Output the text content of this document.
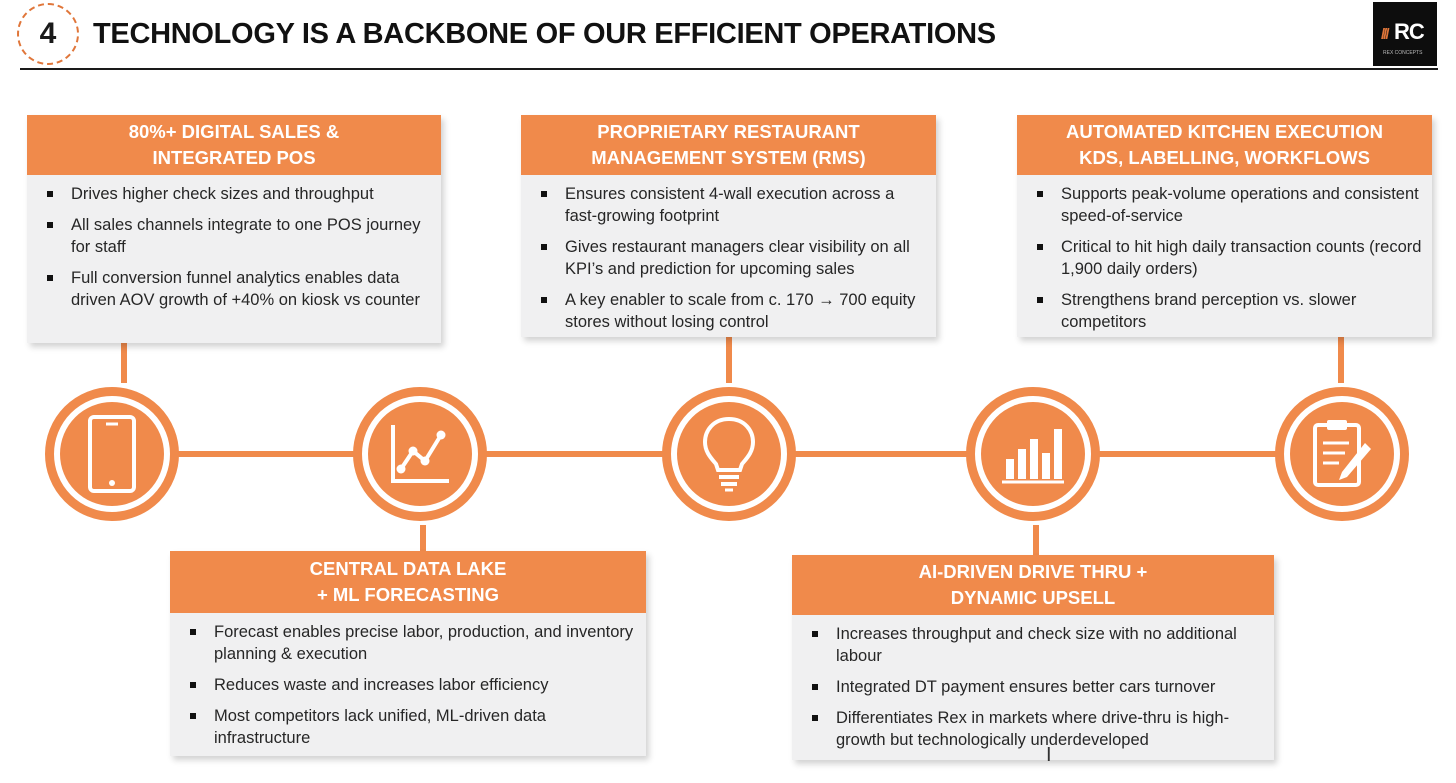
4	TECHNOLOGY IS A BACKBONE OF OUR EFFICIENT OPERATIONS	/// RC
REX CONCEPTS
80%+ DIGITAL SALES &
INTEGRATED POS
Drives higher check sizes and throughput
All sales channels integrate to one POS journey for staff
Full conversion funnel analytics enables data driven AOV growth of +40% on kiosk vs counter
PROPRIETARY RESTAURANT
MANAGEMENT SYSTEM (RMS)
Ensures consistent 4-wall execution across a fast-growing footprint
Gives restaurant managers clear visibility on all KPI’s and prediction for upcoming sales
A key enabler to scale from c. 170 → 700 equity stores without losing control
AUTOMATED KITCHEN EXECUTION
KDS, LABELLING, WORKFLOWS
Supports peak-volume operations and consistent speed-of-service
Critical to hit high daily transaction counts (record 1,900 daily orders)
Strengthens brand perception vs. slower competitors
CENTRAL DATA LAKE
+ ML FORECASTING
Forecast enables precise labor, production, and inventory planning & execution
Reduces waste and increases labor efficiency
Most competitors lack unified, ML-driven data infrastructure
AI-DRIVEN DRIVE THRU +
DYNAMIC UPSELL
Increases throughput and check size with no additional labour
Integrated DT payment ensures better cars turnover
Differentiates Rex in markets where drive-thru is high-growth but technologically underdeveloped
I
